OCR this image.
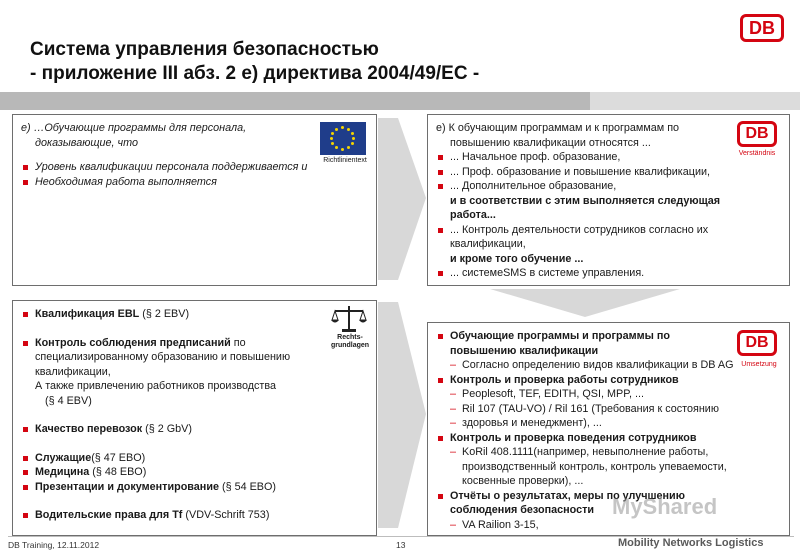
Система управления безопасностью
- приложение III абз. 2 e) директива 2004/49/EC -
DB
e) …Обучающие программы для персонала,
доказывающие, что
Уровень квалификации персонала поддерживается и
Необходимая работа выполняется
Richtlinientext
e) К обучающим программам и к программам по
повышению квалификации относятся ...
... Начальное проф. образование,
... Проф. образование и повышение квалификации,
... Дополнительное образование,
и в соответствии с этим выполняется следующая
работа...
... Контроль деятельности сотрудников согласно их
квалификации,
и кроме того обучение ...
... системеSMS в системе управления.
DB
Verständnis
Квалификация EBL (§ 2 EBV)
Контроль соблюдения предписаний по
специализированному образованию и повышению
квалификации,
А также привлечению работников производства
(§ 4 EBV)
Качество перевозок (§ 2 GbV)
Служащие(§ 47 EBO)
Медицина (§ 48 EBO)
Презентации и документирование (§ 54 EBO)
Водительские права для Tf (VDV-Schrift 753)
Rechts-
grundlagen
Обучающие программы и программы по
повышению квалификации
– Согласно определению видов квалификации в DB AG
Контроль и проверка работы сотрудников
– Peoplesoft, TEF, EDITH, QSI, MPP, ...
– Ril 107 (TAU-VO) / Ril 161 (Требования к состоянию
– здоровья и менеджмент), ...
Контроль и проверка поведения сотрудников
– KoRil 408.1111(например, невыполнение работы,
производственный контроль, контроль упеваемости,
косвенные проверки), ...
Отчёты о результатах, меры по улучшению
соблюдения безопасности
– VA Railion 3-15,
DB
Umsetzung
MyShared
DB Training, 12.11.2012	13	Mobility Networks Logistics
